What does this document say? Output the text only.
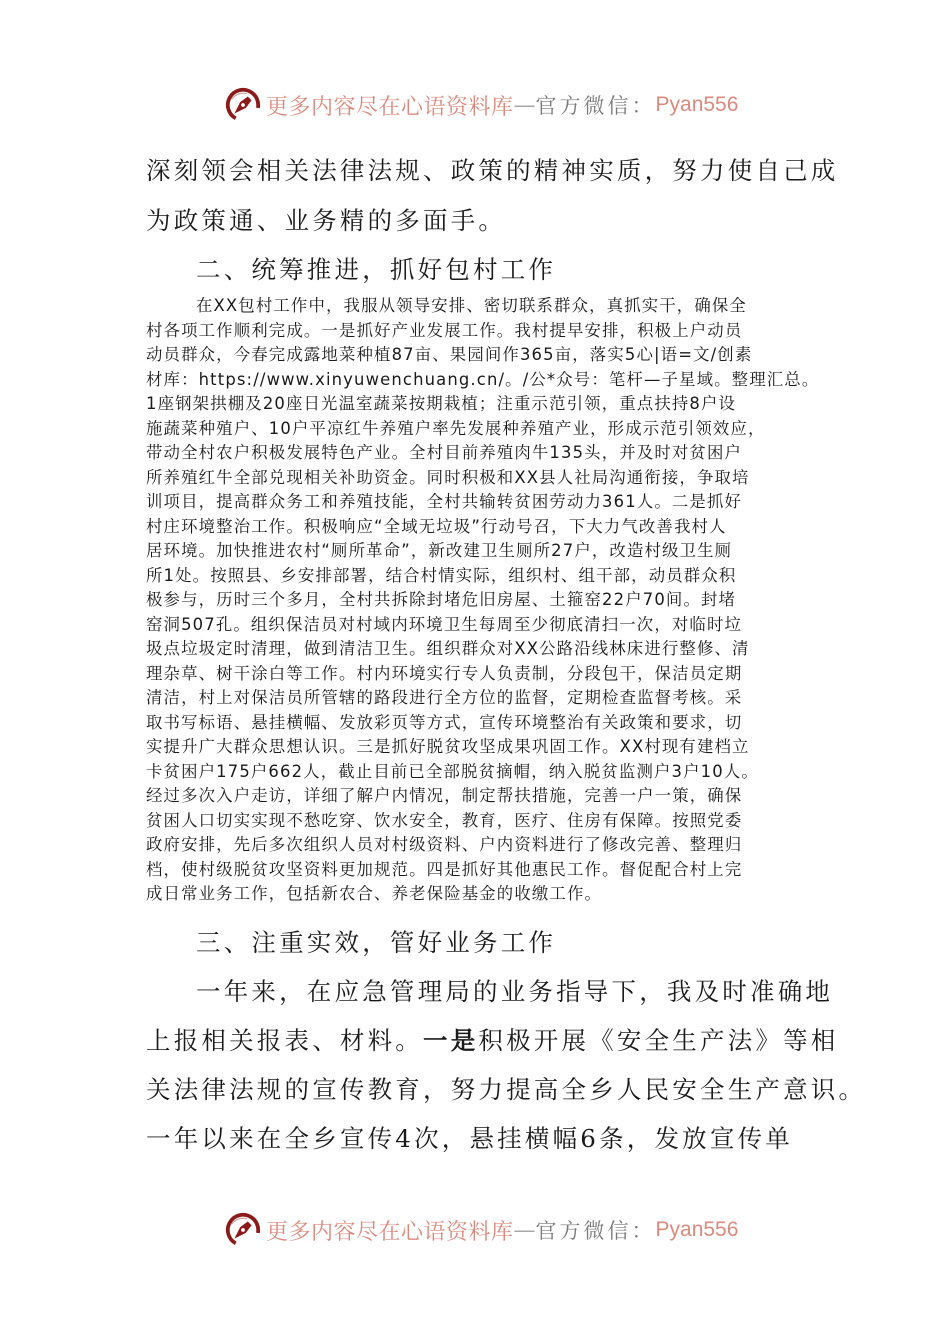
更多内容尽在心语资料库 — 官方微信： Pyan556
深刻领会相关法律法规、政策的精神实质，努力使自己成
为政策通、业务精的多面手。
二、统筹推进，抓好包村工作
在XX包村工作中，我服从领导安排、密切联系群众，真抓实干，确保全
村各项工作顺利完成。一是抓好产业发展工作。我村提早安排，积极上户动员
动员群众，今春完成露地菜种植87亩、果园间作365亩，落实5心|语=文/创素
材库：https://www.xinyuwenchuang.cn/。/公*众号：笔杆—子星域。整理汇总。
1座钢架拱棚及20座日光温室蔬菜按期栽植；注重示范引领，重点扶持8户设
施蔬菜种殖户、10户平凉红牛养殖户率先发展种养殖产业，形成示范引领效应，
带动全村农户积极发展特色产业。全村目前养殖肉牛135头，并及时对贫困户
所养殖红牛全部兑现相关补助资金。同时积极和XX县人社局沟通衔接，争取培
训项目，提高群众务工和养殖技能，全村共输转贫困劳动力361人。二是抓好
村庄环境整治工作。积极响应“全域无垃圾”行动号召，下大力气改善我村人
居环境。加快推进农村“厕所革命”，新改建卫生厕所27户，改造村级卫生厕
所1处。按照县、乡安排部署，结合村情实际，组织村、组干部，动员群众积
极参与，历时三个多月，全村共拆除封堵危旧房屋、土箍窑22户70间。封堵
窑洞507孔。组织保洁员对村域内环境卫生每周至少彻底清扫一次，对临时垃
圾点垃圾定时清理，做到清洁卫生。组织群众对XX公路沿线林床进行整修、清
理杂草、树干涂白等工作。村内环境实行专人负责制，分段包干，保洁员定期
清洁，村上对保洁员所管辖的路段进行全方位的监督，定期检查监督考核。采
取书写标语、悬挂横幅、发放彩页等方式，宣传环境整治有关政策和要求，切
实提升广大群众思想认识。三是抓好脱贫攻坚成果巩固工作。XX村现有建档立
卡贫困户175户662人，截止目前已全部脱贫摘帽，纳入脱贫监测户3户10人。
经过多次入户走访，详细了解户内情况，制定帮扶措施，完善一户一策，确保
贫困人口切实实现不愁吃穿、饮水安全，教育，医疗、住房有保障。按照党委
政府安排，先后多次组织人员对村级资料、户内资料进行了修改完善、整理归
档，使村级脱贫攻坚资料更加规范。四是抓好其他惠民工作。督促配合村上完
成日常业务工作，包括新农合、养老保险基金的收缴工作。
三、注重实效，管好业务工作
一年来，在应急管理局的业务指导下，我及时准确地
上报相关报表、材料。一是积极开展《安全生产法》等相
关法律法规的宣传教育，努力提高全乡人民安全生产意识。
一年以来在全乡宣传4次，悬挂横幅6条，发放宣传单
更多内容尽在心语资料库 — 官方微信： Pyan556
